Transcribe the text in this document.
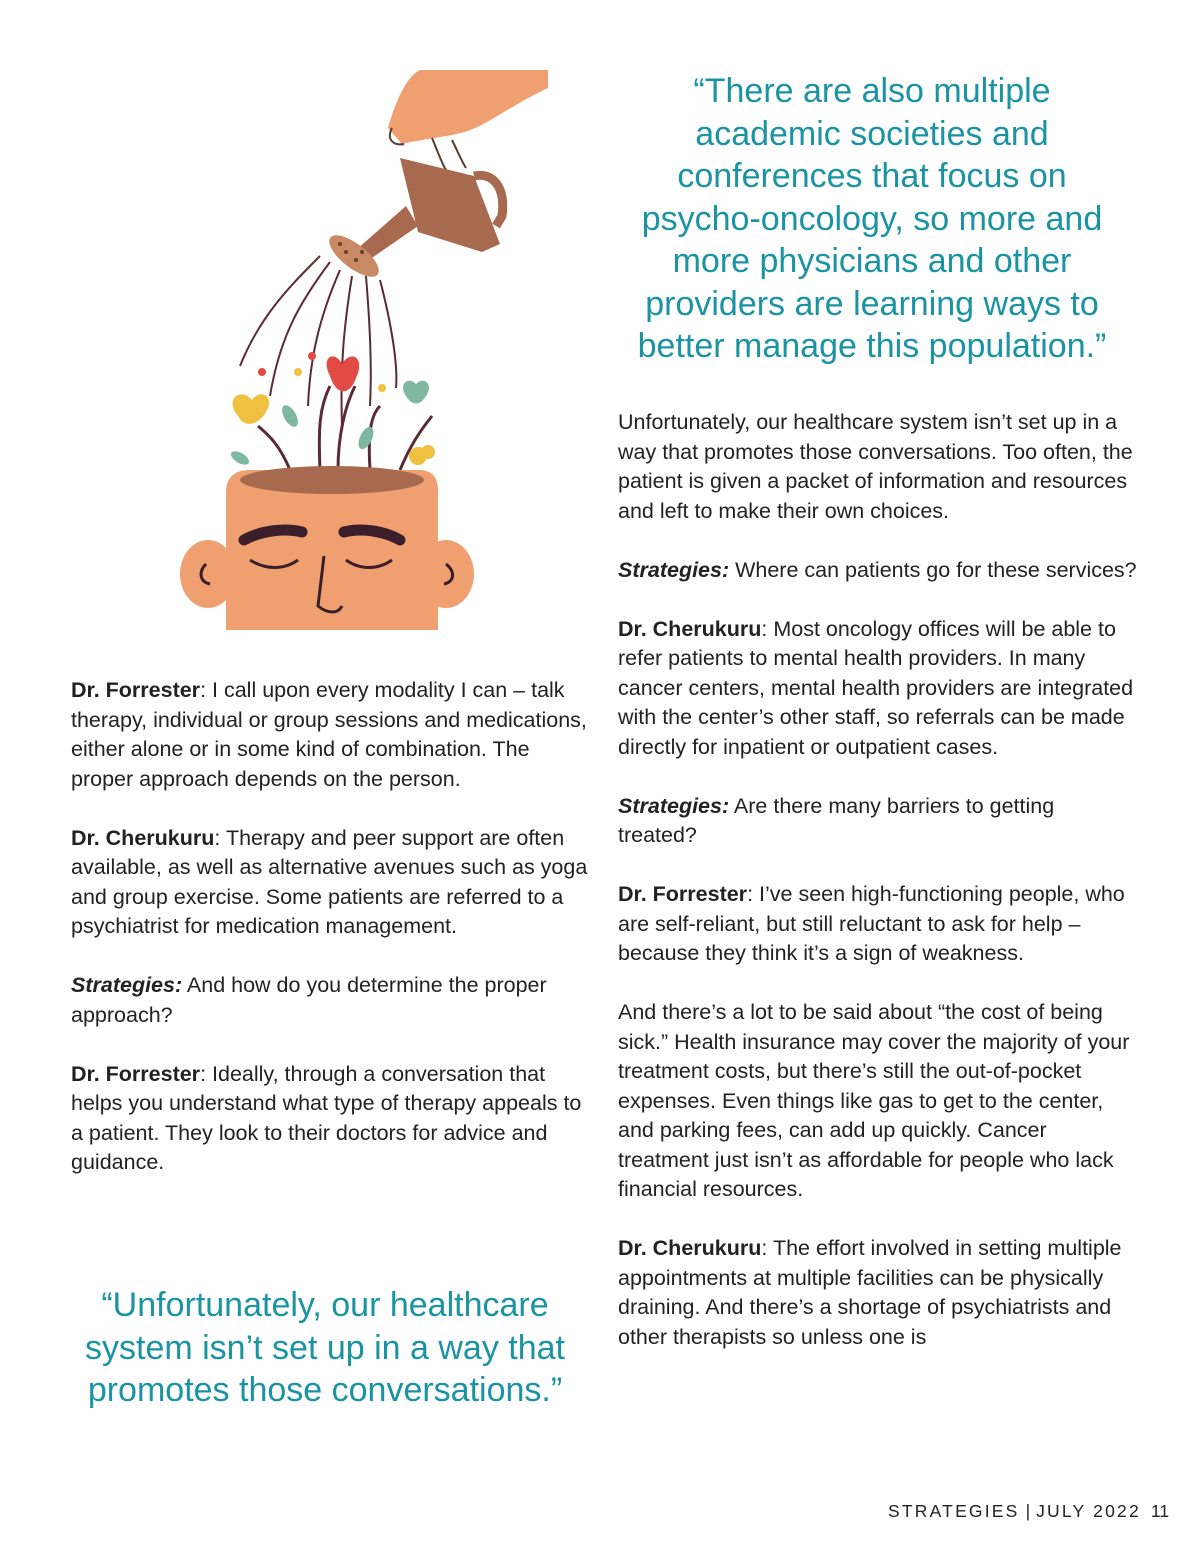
“There are also multiple academic societies and conferences that focus on psycho-oncology, so more and more physicians and other providers are learning ways to better manage this population.”

Dr. Forrester: I call upon every modality I can – talk therapy, individual or group sessions and medications, either alone or in some kind of combination. The proper approach depends on the person.

Dr. Cherukuru: Therapy and peer support are often available, as well as alternative avenues such as yoga and group exercise. Some patients are referred to a psychiatrist for medication management.

Strategies: And how do you determine the proper approach?

Dr. Forrester: Ideally, through a conversation that helps you understand what type of therapy appeals to a patient. They look to their doctors for advice and guidance.

“Unfortunately, our healthcare system isn’t set up in a way that promotes those conversations.”

Unfortunately, our healthcare system isn’t set up in a way that promotes those conversations. Too often, the patient is given a packet of information and resources and left to make their own choices.

Strategies: Where can patients go for these services?

Dr. Cherukuru: Most oncology offices will be able to refer patients to mental health providers. In many cancer centers, mental health providers are integrated with the center’s other staff, so referrals can be made directly for inpatient or outpatient cases.

Strategies: Are there many barriers to getting treated?

Dr. Forrester: I’ve seen high-functioning people, who are self-reliant, but still reluctant to ask for help – because they think it’s a sign of weakness.

And there’s a lot to be said about “the cost of being sick.” Health insurance may cover the majority of your treatment costs, but there’s still the out-of-pocket expenses. Even things like gas to get to the center, and parking fees, can add up quickly. Cancer treatment just isn’t as affordable for people who lack financial resources.

Dr. Cherukuru: The effort involved in setting multiple appointments at multiple facilities can be physically draining. And there’s a shortage of psychiatrists and other therapists so unless one is

STRATEGIES | JULY 2022 11
